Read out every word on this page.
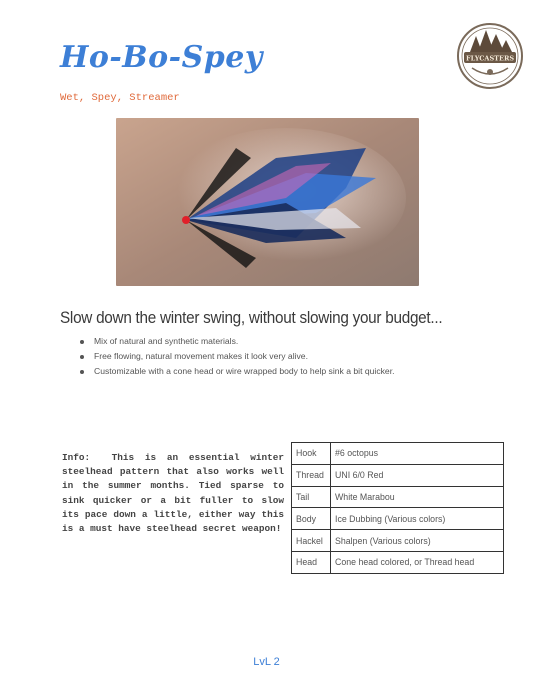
Ho-Bo-Spey
Wet, Spey, Streamer
FLYCASTERS
Slow down the winter swing, without slowing your budget...
Mix of natural and synthetic materials.
Free flowing, natural movement makes it look very alive.
Customizable with a cone head or wire wrapped body to help sink a bit quicker.
Info:  This is an essential winter steelhead pattern that also works well in the summer months. Tied sparse to sink quicker or a bit fuller to slow its pace down a little, either way this is a must have steelhead secret weapon!
Hook	#6 octopus
Thread	UNI 6/0 Red
Tail	White Marabou
Body	Ice Dubbing (Various colors)
Hackel	Shalpen (Various colors)
Head	Cone head colored, or Thread head
LvL 2
